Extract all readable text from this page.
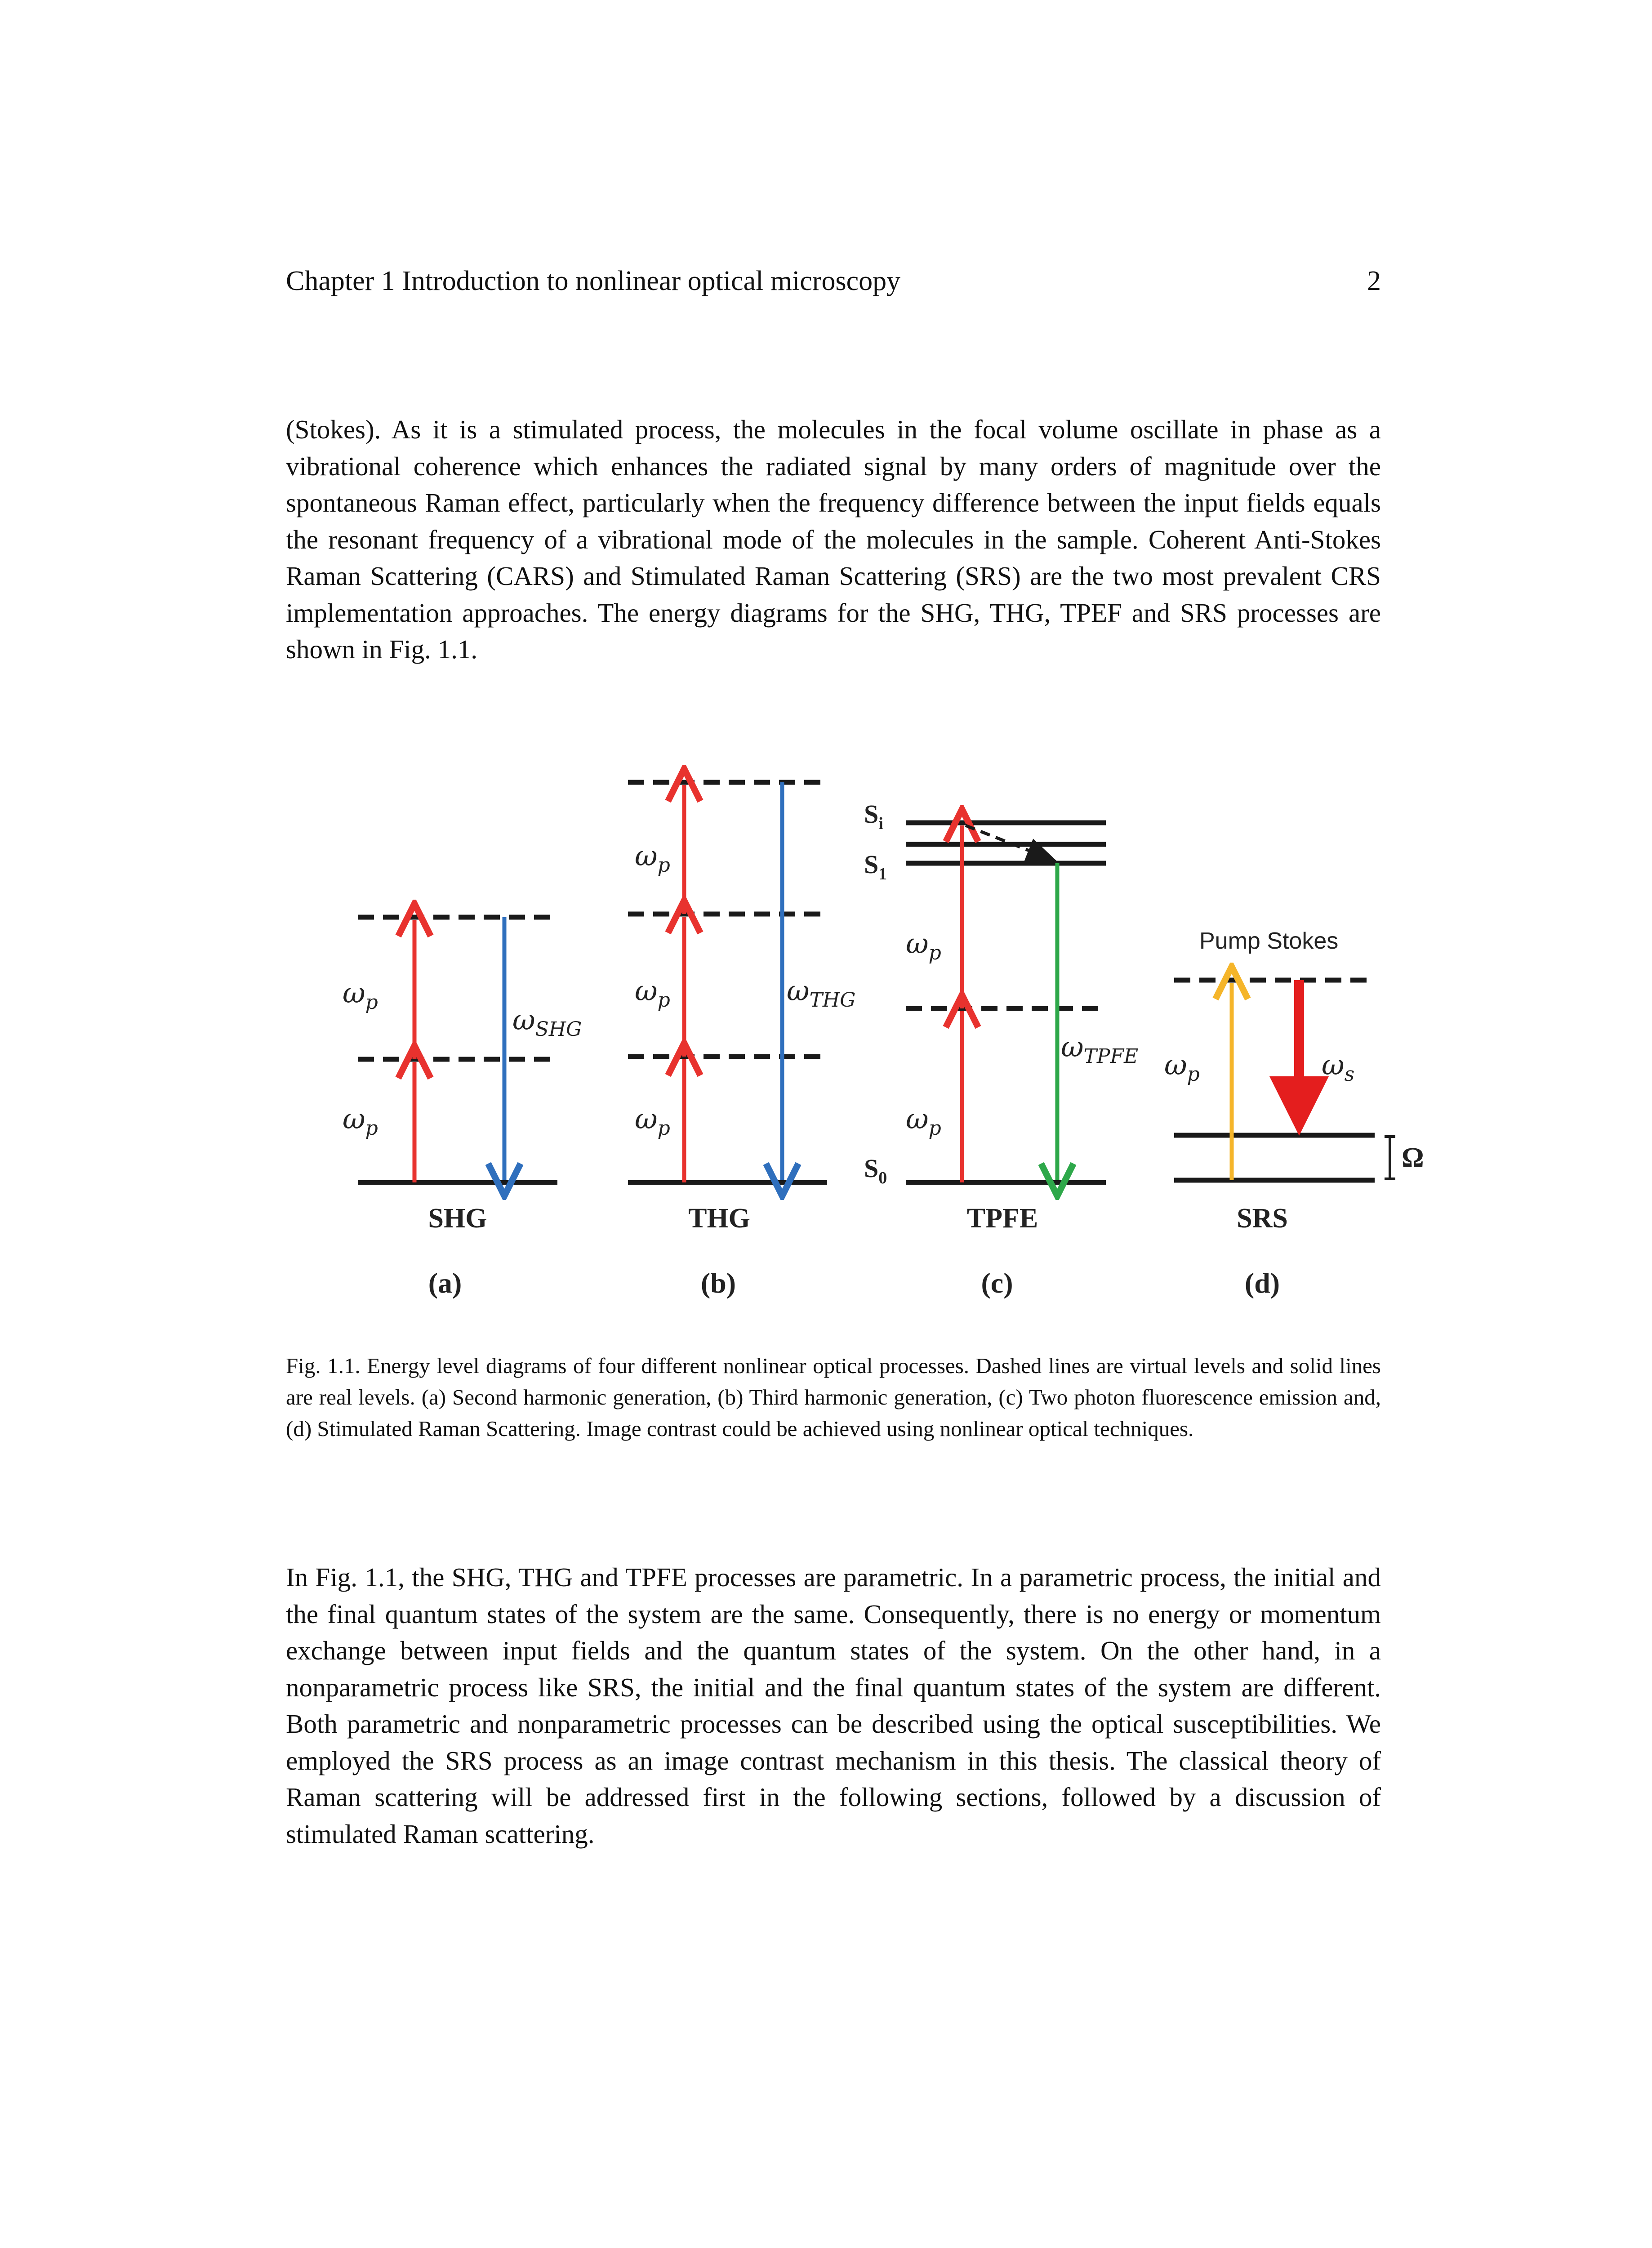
Chapter 1 Introduction to nonlinear optical microscopy	2
(Stokes). As it is a stimulated process, the molecules in the focal volume oscillate in phase as a vibrational coherence which enhances the radiated signal by many orders of magnitude over the spontaneous Raman effect, particularly when the frequency difference between the input fields equals the resonant frequency of a vibrational mode of the molecules in the sample. Coherent Anti-Stokes Raman Scattering (CARS) and Stimulated Raman Scattering (SRS) are the two most prevalent CRS implementation approaches. The energy diagrams for the SHG, THG, TPEF and SRS processes are shown in Fig. 1.1.
$\omega_p$
$\omega_p$
$\omega_{SHG}$
SHG
(a)
$\omega_p$
$\omega_p$
$\omega_p$
$\omega_{THG}$
THG
(b)
$S_i$
$S_1$
$S_0$
$\omega_p$
$\omega_p$
$\omega_{TPFE}$
TPFE
(c)
Pump Stokes
$\omega_p$	$\omega_s$
Ω
SRS
(d)
Fig. 1.1. Energy level diagrams of four different nonlinear optical processes. Dashed lines are virtual levels and solid lines are real levels. (a) Second harmonic generation, (b) Third harmonic generation, (c) Two photon fluorescence emission and, (d) Stimulated Raman Scattering. Image contrast could be achieved using nonlinear optical techniques.
In Fig. 1.1, the SHG, THG and TPFE processes are parametric. In a parametric process, the initial and the final quantum states of the system are the same. Consequently, there is no energy or momentum exchange between input fields and the quantum states of the system. On the other hand, in a nonparametric process like SRS, the initial and the final quantum states of the system are different. Both parametric and nonparametric processes can be described using the optical susceptibilities. We employed the SRS process as an image contrast mechanism in this thesis. The classical theory of Raman scattering will be addressed first in the following sections, followed by a discussion of stimulated Raman scattering.
